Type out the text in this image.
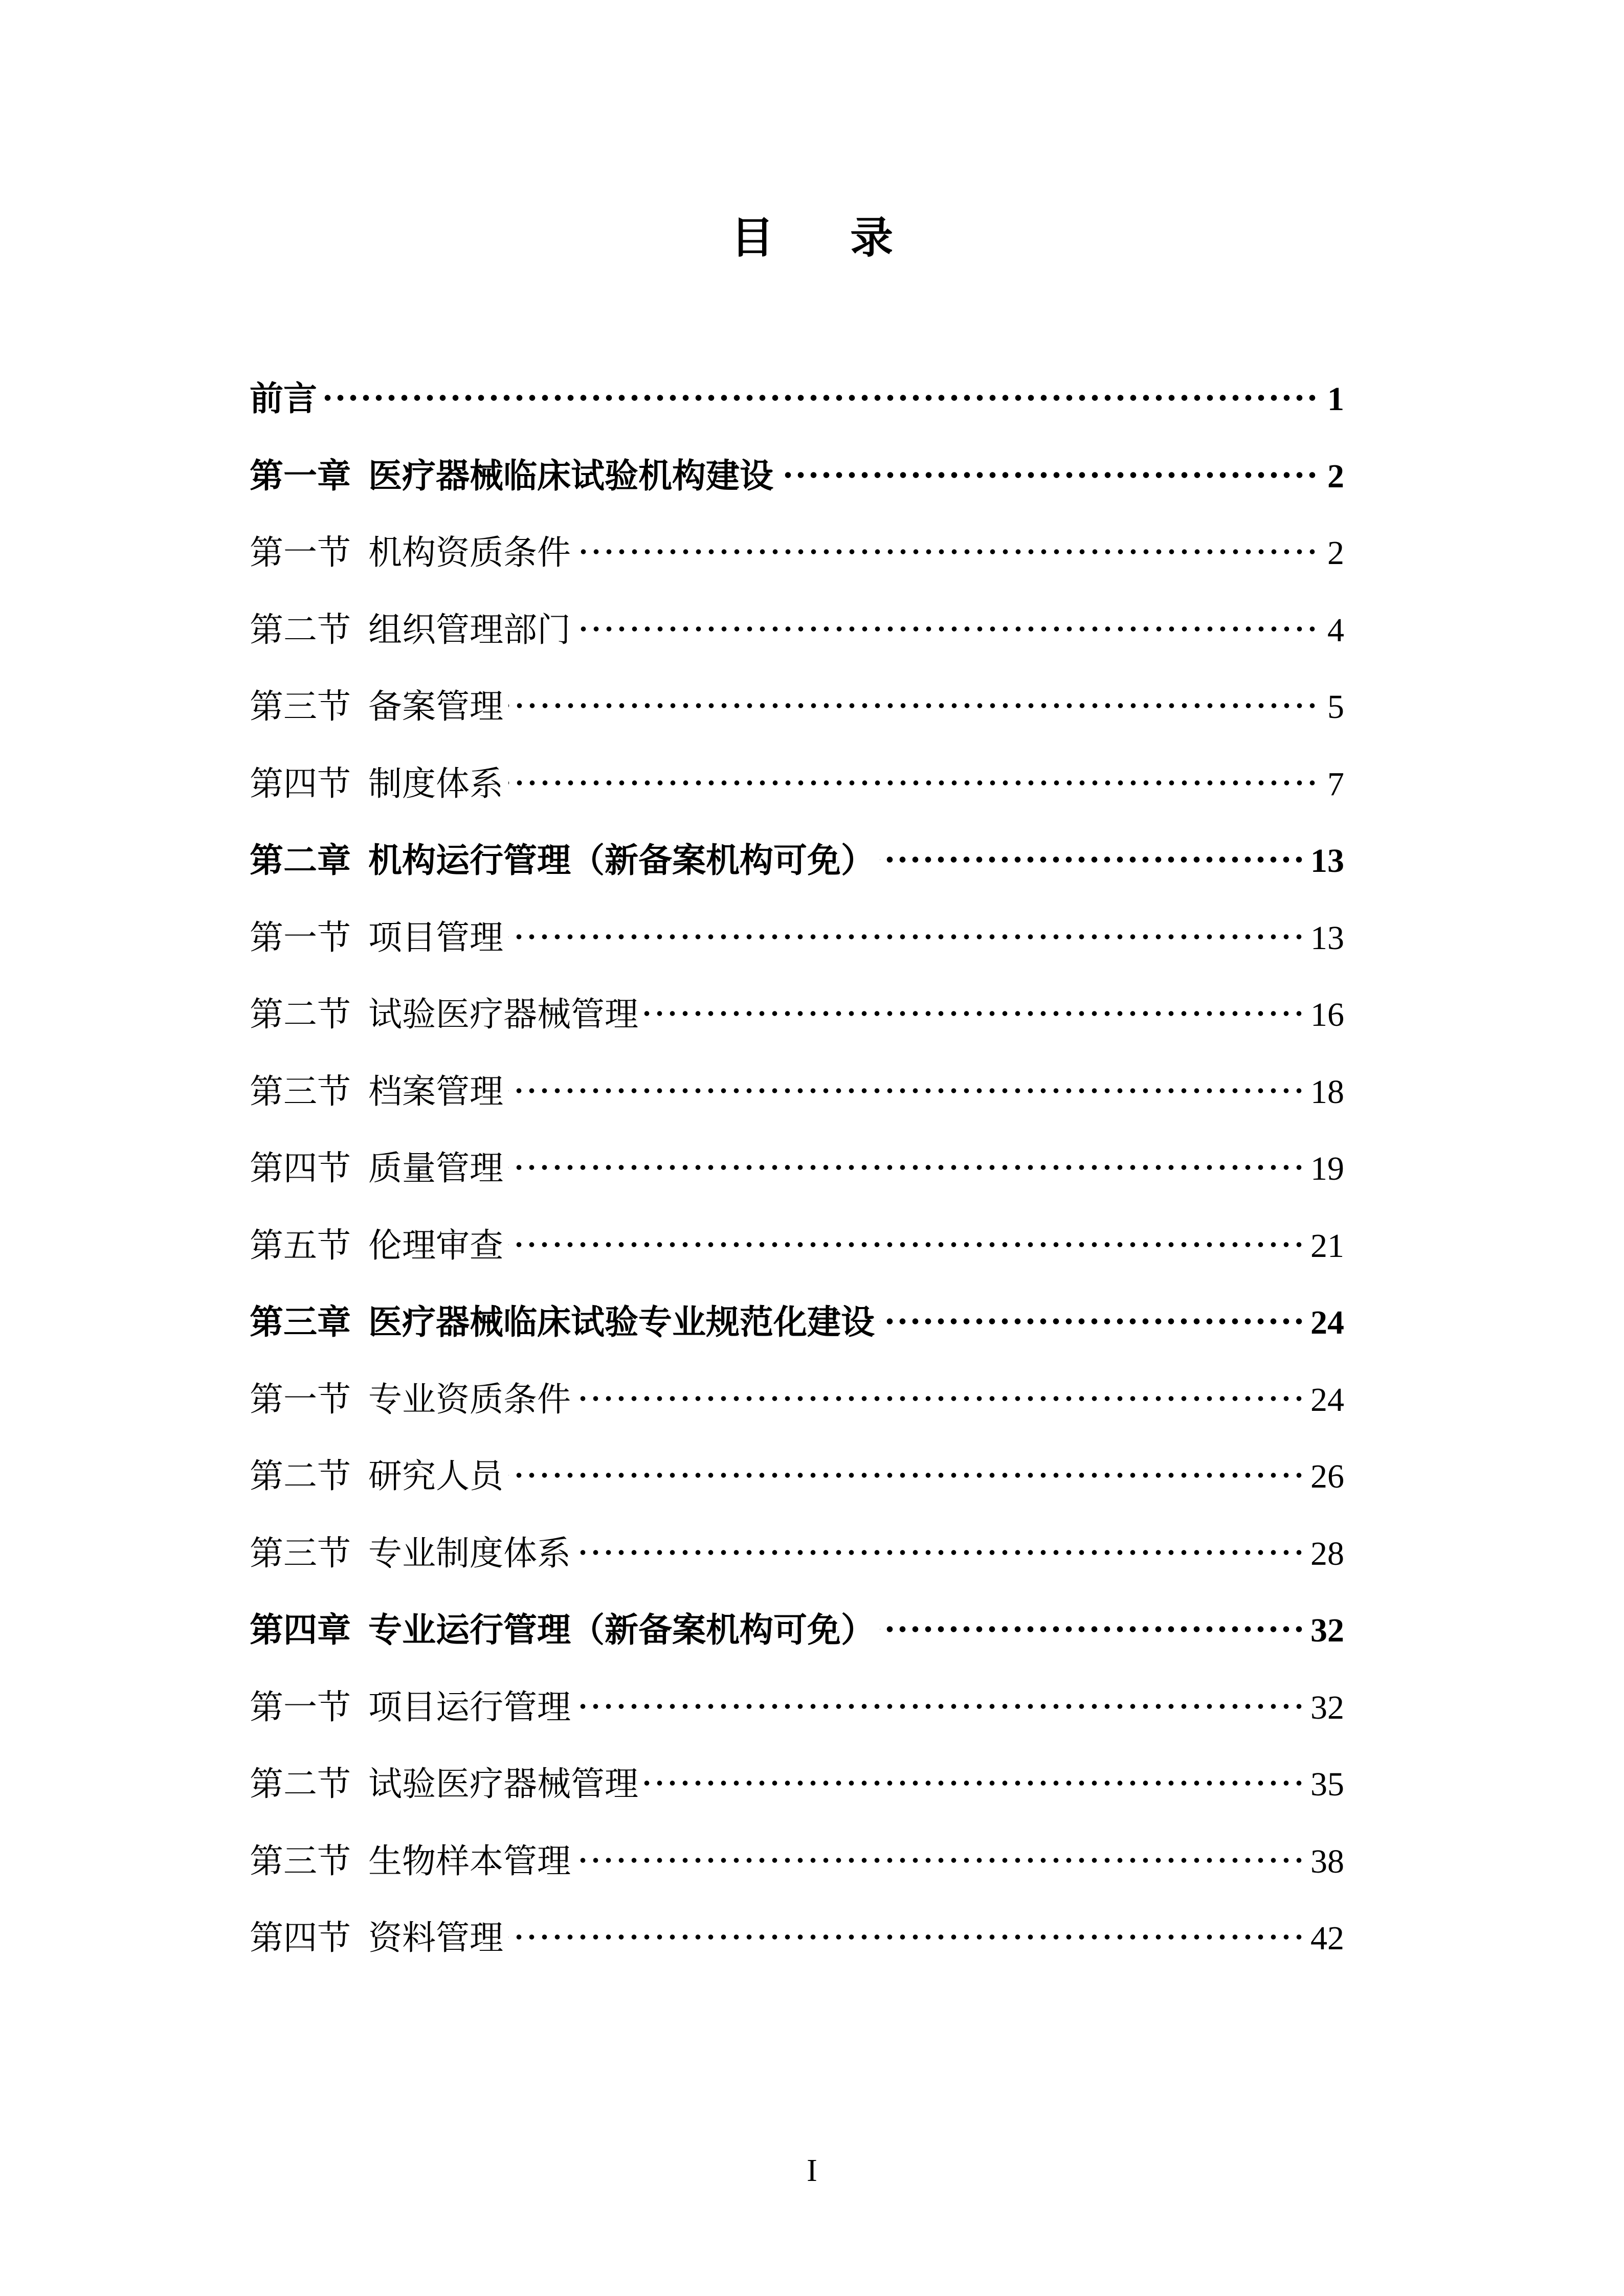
目 录
前言	1
第一章 医疗器械临床试验机构建设	2
第一节 机构资质条件	2
第二节 组织管理部门	4
第三节 备案管理	5
第四节 制度体系	7
第二章 机构运行管理（新备案机构可免）	13
第一节 项目管理	13
第二节 试验医疗器械管理	16
第三节 档案管理	18
第四节 质量管理	19
第五节 伦理审查	21
第三章 医疗器械临床试验专业规范化建设	24
第一节 专业资质条件	24
第二节 研究人员	26
第三节 专业制度体系	28
第四章 专业运行管理（新备案机构可免）	32
第一节 项目运行管理	32
第二节 试验医疗器械管理	35
第三节 生物样本管理	38
第四节 资料管理	42
I
